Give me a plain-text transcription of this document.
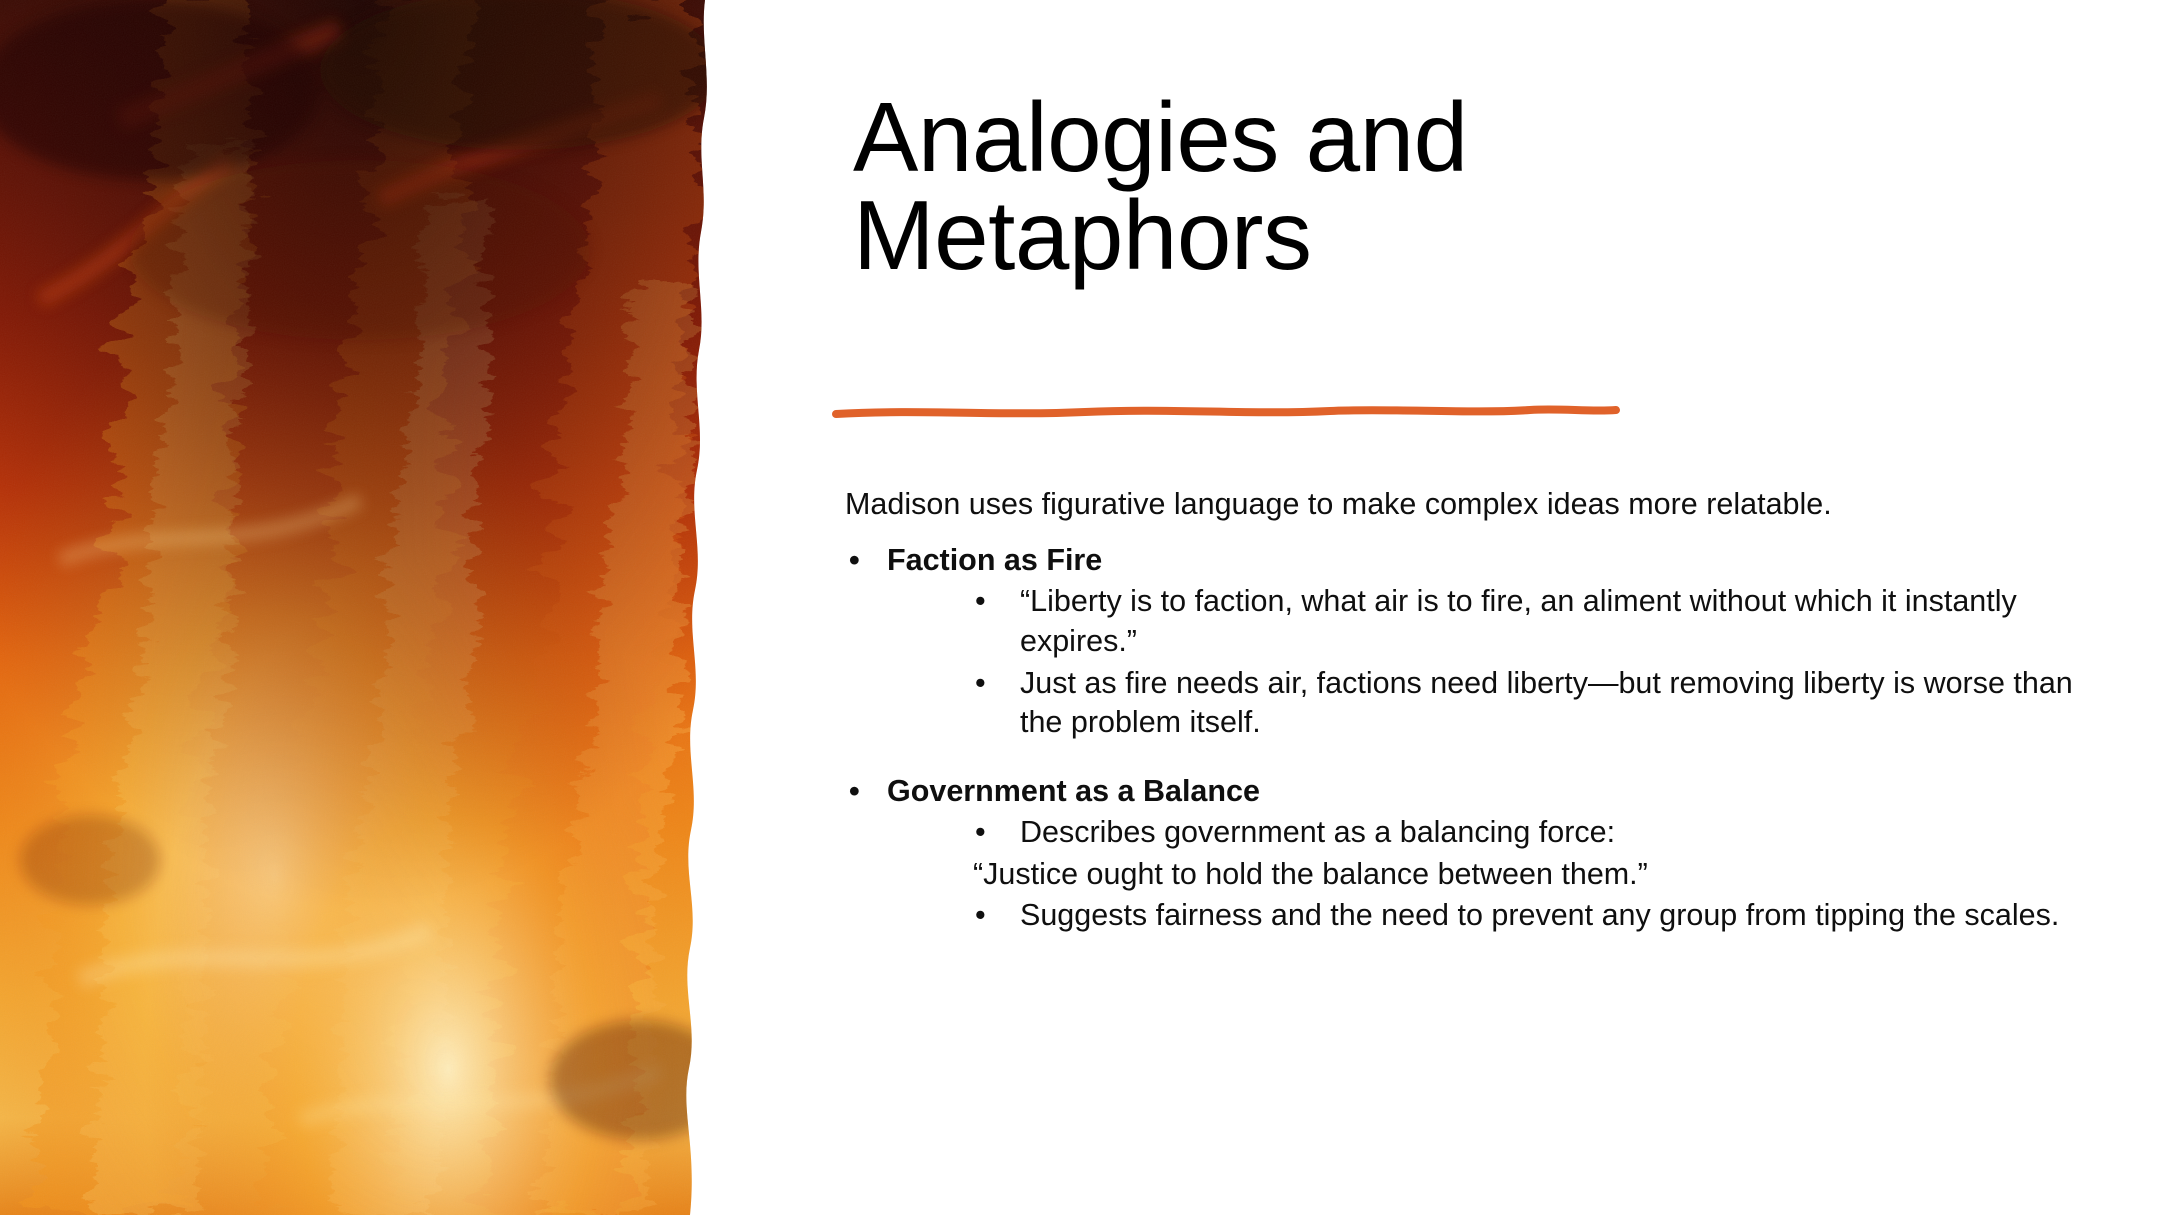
Analogies and Metaphors
Madison uses figurative language to make complex ideas more relatable.
• Faction as Fire
• “Liberty is to faction, what air is to fire, an aliment without which it instantly expires.”
• Just as fire needs air, factions need liberty—but removing liberty is worse than the problem itself.
• Government as a Balance
• Describes government as a balancing force:
“Justice ought to hold the balance between them.”
• Suggests fairness and the need to prevent any group from tipping the scales.
